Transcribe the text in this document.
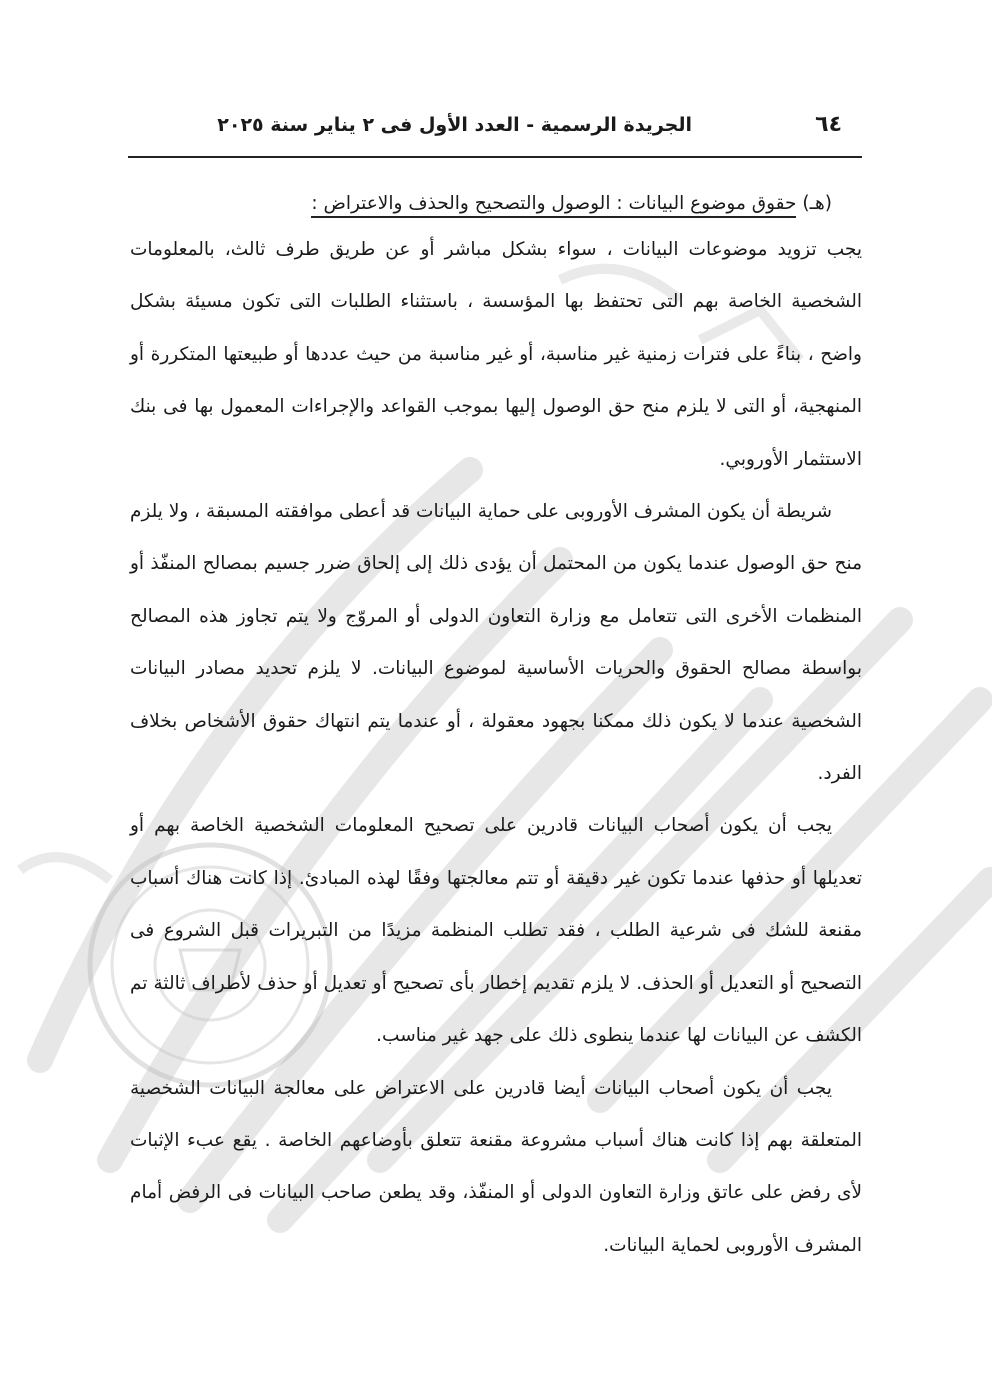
٦٤
الجريدة الرسمية - العدد الأول فى ٢ يناير سنة ٢٠٢٥

(هـ) حقوق موضوع البيانات : الوصول والتصحيح والحذف والاعتراض :

يجب تزويد موضوعات البيانات ، سواء بشكل مباشر أو عن طريق طرف ثالث، بالمعلومات الشخصية الخاصة بهم التى تحتفظ بها المؤسسة ، باستثناء الطلبات التى تكون مسيئة بشكل واضح ، بناءً على فترات زمنية غير مناسبة، أو غير مناسبة من حيث عددها أو طبيعتها المتكررة أو المنهجية، أو التى لا يلزم منح حق الوصول إليها بموجب القواعد والإجراءات المعمول بها فى بنك الاستثمار الأوروبي.

شريطة أن يكون المشرف الأوروبى على حماية البيانات قد أعطى موافقته المسبقة ، ولا يلزم منح حق الوصول عندما يكون من المحتمل أن يؤدى ذلك إلى إلحاق ضرر جسيم بمصالح المنفّذ أو المنظمات الأخرى التى تتعامل مع وزارة التعاون الدولى أو المروّج ولا يتم تجاوز هذه المصالح بواسطة مصالح الحقوق والحريات الأساسية لموضوع البيانات. لا يلزم تحديد مصادر البيانات الشخصية عندما لا يكون ذلك ممكنا بجهود معقولة ، أو عندما يتم انتهاك حقوق الأشخاص بخلاف الفرد.

يجب أن يكون أصحاب البيانات قادرين على تصحيح المعلومات الشخصية الخاصة بهم أو تعديلها أو حذفها عندما تكون غير دقيقة أو تتم معالجتها وفقًا لهذه المبادئ. إذا كانت هناك أسباب مقنعة للشك فى شرعية الطلب ، فقد تطلب المنظمة مزيدًا من التبريرات قبل الشروع فى التصحيح أو التعديل أو الحذف. لا يلزم تقديم إخطار بأى تصحيح أو تعديل أو حذف لأطراف ثالثة تم الكشف عن البيانات لها عندما ينطوى ذلك على جهد غير مناسب.

يجب أن يكون أصحاب البيانات أيضا قادرين على الاعتراض على معالجة البيانات الشخصية المتعلقة بهم إذا كانت هناك أسباب مشروعة مقنعة تتعلق بأوضاعهم الخاصة . يقع عبء الإثبات لأى رفض على عاتق وزارة التعاون الدولى أو المنفّذ، وقد يطعن صاحب البيانات فى الرفض أمام المشرف الأوروبى لحماية البيانات.
